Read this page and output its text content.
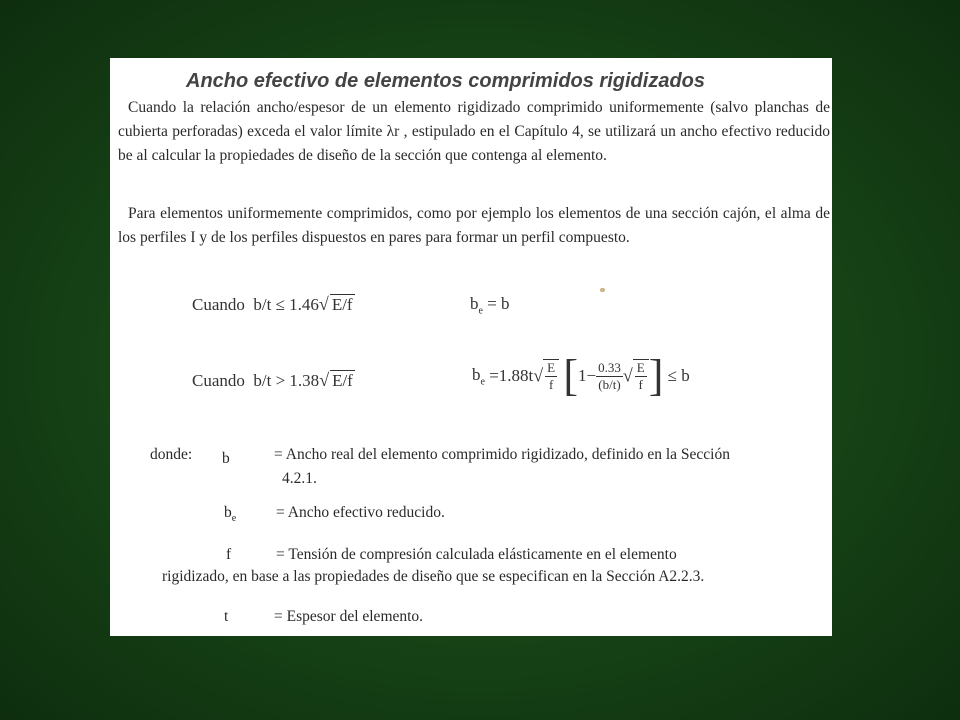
Ancho efectivo de elementos comprimidos rigidizados
Cuando la relación ancho/espesor de un elemento rigidizado comprimido uniformemente (salvo planchas de cubierta perforadas) exceda el valor límite λr , estipulado en el Capítulo 4, se utilizará un ancho efectivo reducido be al calcular la propiedades de diseño de la sección que contenga al elemento.
Para elementos uniformemente comprimidos, como por ejemplo los elementos de una sección cajón, el alma de los perfiles I y de los perfiles dispuestos en pares para formar un perfil compuesto.
Cuando b/t ≤ 1.46√ E/f	$b_e = b$
Cuando b/t > 1.38√ E/f	$b_e =1.88t√ \frac{E}{f} [1- \frac{0.33}{(b/t)}$ √ $\frac{E}{f}$ ] ≤ b
donde: b	= Ancho real del elemento comprimido rigidizado, definido en la Sección
4.2.1.
$b_e$	= Ancho efectivo reducido.
f	= Tensión de compresión calculada elásticamente en el elemento
rigidizado, en base a las propiedades de diseño que se especifican en la Sección A2.2.3.
t	= Espesor del elemento.
